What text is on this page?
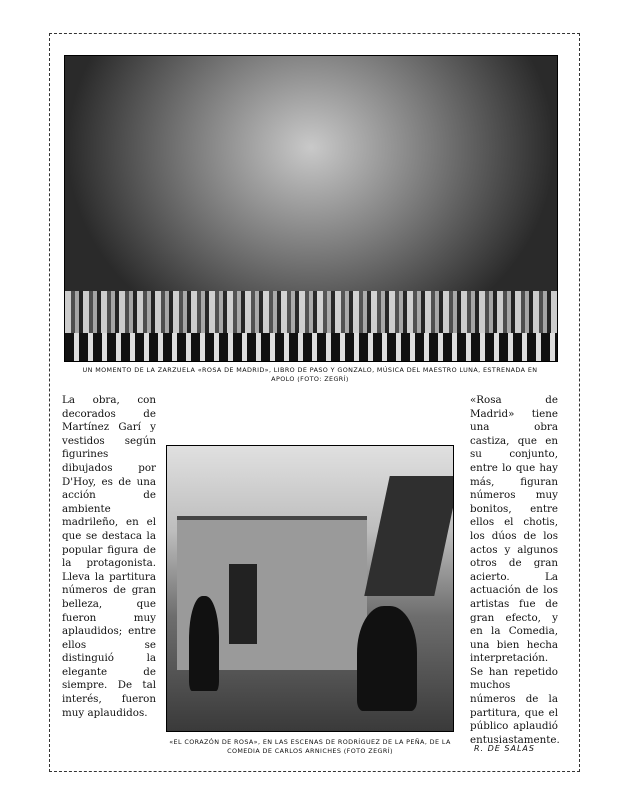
UN MOMENTO DE LA ZARZUELA «ROSA DE MADRID», LIBRO DE PASO Y GONZALO, MÚSICA DEL MAESTRO LUNA, ESTRENADA EN APOLO (FOTO: ZEGRÍ)
La obra, con decorados de Martínez Garí y vestidos según figurines dibujados por D'Hoy, es de una acción de ambiente madrileño, en el que se destaca la popular figura de la protagonista. Lleva la partitura números de gran belleza, que fueron muy aplaudidos; entre ellos se distinguió la elegante de siempre. De tal interés, fueron muy aplaudidos.
«Rosa de Madrid» tiene una obra castiza, que en su conjunto, entre lo que hay más, figuran números muy bonitos, entre ellos el chotis, los dúos de los actos y algunos otros de gran acierto. La actuación de los artistas fue de gran efecto, y en la Comedia, una bien hecha interpretación. Se han repetido muchos números de la partitura, que el público aplaudió entusiastamente.
«EL CORAZÓN DE ROSA», EN LAS ESCENAS DE RODRÍGUEZ DE LA PEÑA, DE LA COMEDIA DE CARLOS ARNICHES (FOTO ZEGRÍ)	R. DE SALAS
